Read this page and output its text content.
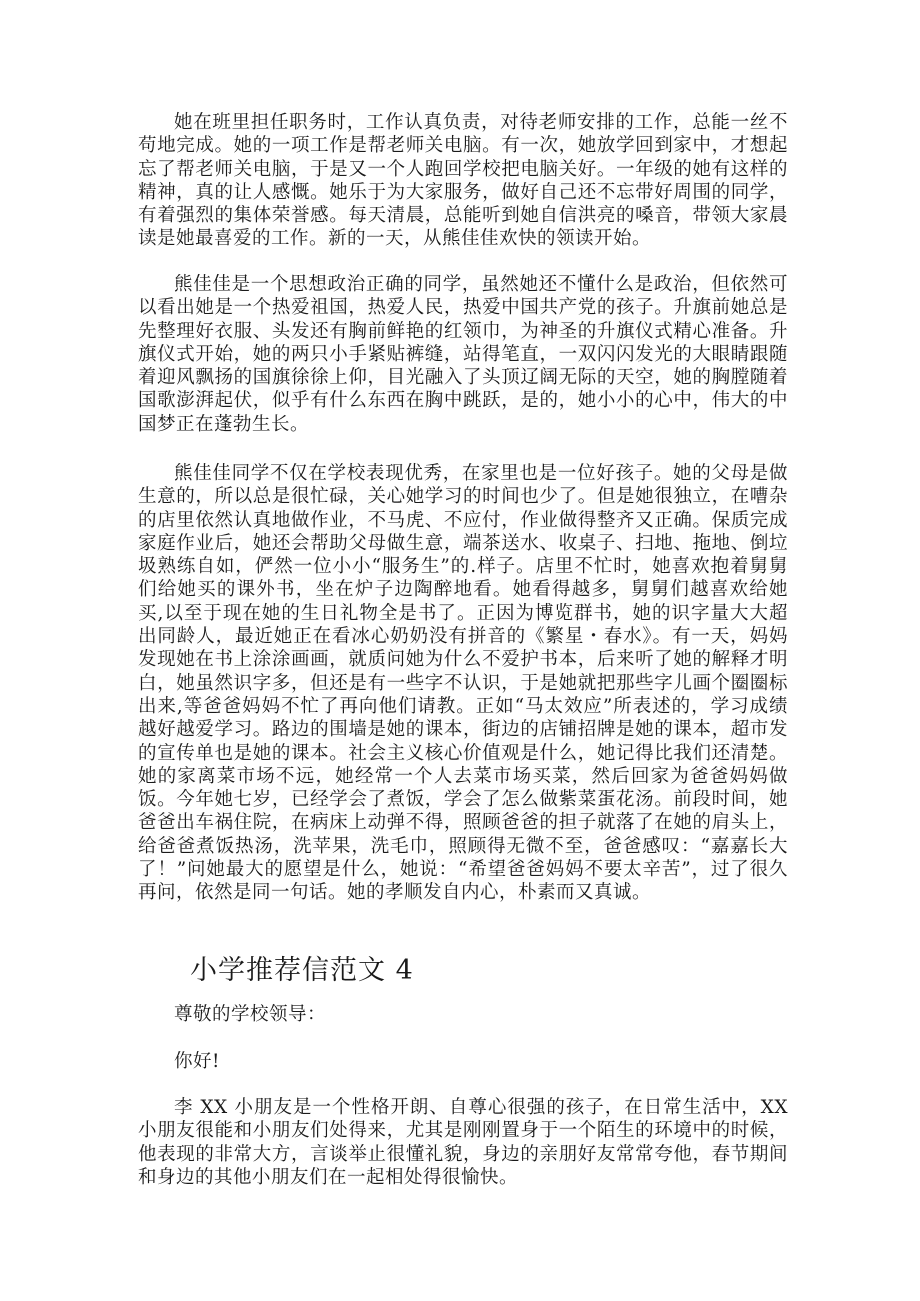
她在班里担任职务时，工作认真负责，对待老师安排的工作，总能一丝不苟地完成。她的一项工作是帮老师关电脑。有一次，她放学回到家中，才想起忘了帮老师关电脑，于是又一个人跑回学校把电脑关好。一年级的她有这样的精神，真的让人感慨。她乐于为大家服务，做好自己还不忘带好周围的同学，有着强烈的集体荣誉感。每天清晨，总能听到她自信洪亮的嗓音，带领大家晨读是她最喜爱的工作。新的一天，从熊佳佳欢快的领读开始。

熊佳佳是一个思想政治正确的同学，虽然她还不懂什么是政治，但依然可以看出她是一个热爱祖国，热爱人民，热爱中国共产党的孩子。升旗前她总是先整理好衣服、头发还有胸前鲜艳的红领巾，为神圣的升旗仪式精心准备。升旗仪式开始，她的两只小手紧贴裤缝，站得笔直，一双闪闪发光的大眼睛跟随着迎风飘扬的国旗徐徐上仰，目光融入了头顶辽阔无际的天空，她的胸膛随着国歌澎湃起伏，似乎有什么东西在胸中跳跃，是的，她小小的心中，伟大的中国梦正在蓬勃生长。

熊佳佳同学不仅在学校表现优秀，在家里也是一位好孩子。她的父母是做生意的，所以总是很忙碌，关心她学习的时间也少了。但是她很独立，在嘈杂的店里依然认真地做作业，不马虎、不应付，作业做得整齐又正确。保质完成家庭作业后，她还会帮助父母做生意，端茶送水、收桌子、扫地、拖地、倒垃圾熟练自如，俨然一位小小“服务生”的.样子。店里不忙时，她喜欢抱着舅舅们给她买的课外书，坐在炉子边陶醉地看。她看得越多，舅舅们越喜欢给她买,以至于现在她的生日礼物全是书了。正因为博览群书，她的识字量大大超出同龄人，最近她正在看冰心奶奶没有拼音的《繁星・春水》。有一天，妈妈发现她在书上涂涂画画，就质问她为什么不爱护书本，后来听了她的解释才明白，她虽然识字多，但还是有一些字不认识，于是她就把那些字儿画个圈圈标出来,等爸爸妈妈不忙了再向他们请教。正如“马太效应”所表述的，学习成绩越好越爱学习。路边的围墙是她的课本，街边的店铺招牌是她的课本，超市发的宣传单也是她的课本。社会主义核心价值观是什么，她记得比我们还清楚。她的家离菜市场不远，她经常一个人去菜市场买菜，然后回家为爸爸妈妈做饭。今年她七岁，已经学会了煮饭，学会了怎么做紫菜蛋花汤。前段时间，她爸爸出车祸住院，在病床上动弹不得，照顾爸爸的担子就落了在她的肩头上，给爸爸煮饭热汤，洗苹果，洗毛巾，照顾得无微不至，爸爸感叹：“嘉嘉长大了！”问她最大的愿望是什么，她说：“希望爸爸妈妈不要太辛苦”，过了很久再问，依然是同一句话。她的孝顺发自内心，朴素而又真诚。

小学推荐信范文 4

尊敬的学校领导：

你好!

李 XX 小朋友是一个性格开朗、自尊心很强的孩子，在日常生活中，XX 小朋友很能和小朋友们处得来，尤其是刚刚置身于一个陌生的环境中的时候，他表现的非常大方，言谈举止很懂礼貌，身边的亲朋好友常常夸他，春节期间和身边的其他小朋友们在一起相处得很愉快。
